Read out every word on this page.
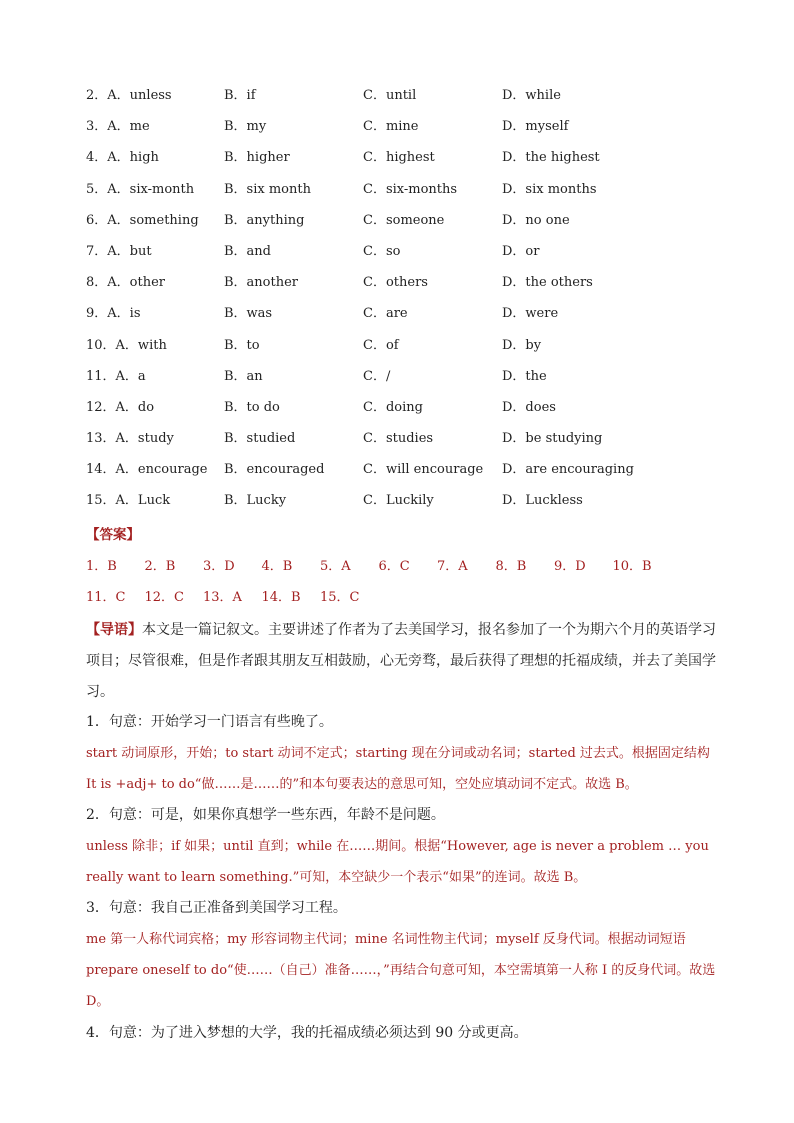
2．A．unless	B．if	C．until	D．while
3．A．me	B．my	C．mine	D．myself
4．A．high	B．higher	C．highest	D．the highest
5．A．six-month B．six month	C．six-months	D．six months
6．A．something B．anything	C．someone	D．no one
7．A．but	B．and	C．so	D．or
8．A．other	B．another	C．others	D．the others
9．A．is	B．was	C．are	D．were
10．A．with	B．to	C．of	D．by
11．A．a	B．an	C．/	D．the
12．A．do	B．to do	C．doing	D．does
13．A．study	B．studied	C．studies	D．be studying
14．A．encourage B．encouraged	C．will encourage D．are encouraging
15．A．Luck	B．Lucky	C．Luckily	D．Luckless
【答案】
1．B 2．B 3．D 4．B 5．A 6．C 7．A 8．B 9．D 10．B
11．C 12．C 13．A 14．B 15．C
【导语】本文是一篇记叙文。主要讲述了作者为了去美国学习，报名参加了一个为期六个月的英语学习项目；尽管很难，但是作者跟其朋友互相鼓励，心无旁骛，最后获得了理想的托福成绩，并去了美国学习。
1．句意：开始学习一门语言有些晚了。
start 动词原形，开始；to start 动词不定式；starting 现在分词或动名词；started 过去式。根据固定结构 It is +adj+ to do“做……是……的”和本句要表达的意思可知，空处应填动词不定式。故选 B。
2．句意：可是，如果你真想学一些东西，年龄不是问题。
unless 除非；if 如果；until 直到；while 在……期间。根据“However, age is never a problem … you really want to learn something.”可知，本空缺少一个表示“如果”的连词。故选 B。
3．句意：我自己正准备到美国学习工程。
me 第一人称代词宾格；my 形容词物主代词；mine 名词性物主代词；myself 反身代词。根据动词短语 prepare oneself to do“使……（自己）准备……，”再结合句意可知，本空需填第一人称 I 的反身代词。故选 D。
4．句意：为了进入梦想的大学，我的托福成绩必须达到 90 分或更高。
